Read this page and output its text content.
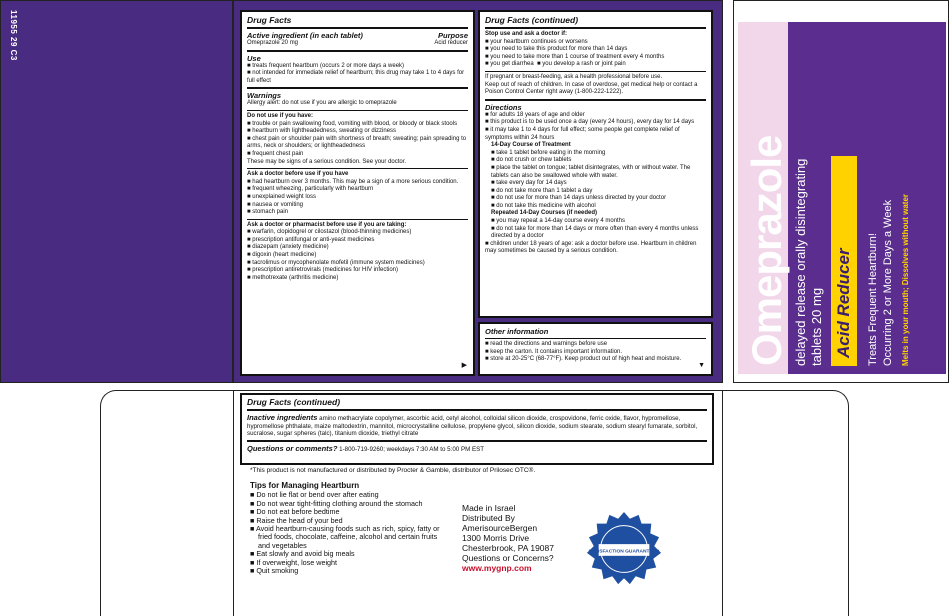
11955 29 C3	Drug Facts
Active ingredient (in each tablet)	Purpose
Omeprazole 20 mg	Acid reducer
Use
■ treats frequent heartburn (occurs 2 or more days a week)
■ not intended for immediate relief of heartburn; this drug may take 1 to 4 days for full effect
Warnings
Allergy alert: do not use if you are allergic to omeprazole
Do not use if you have:
■ trouble or pain swallowing food, vomiting with blood, or bloody or black stools
■ heartburn with lightheadedness, sweating or dizziness
■ chest pain or shoulder pain with shortness of breath; sweating; pain spreading to arms, neck or shoulders; or lightheadedness
■ frequent chest pain
These may be signs of a serious condition. See your doctor.
Ask a doctor before use if you have
■ had heartburn over 3 months. This may be a sign of a more serious condition.
■ frequent wheezing, particularly with heartburn
■ unexplained weight loss
■ nausea or vomiting
■ stomach pain
Ask a doctor or pharmacist before use if you are taking:
■ warfarin, clopidogrel or cilostazol (blood-thinning medicines)
■ prescription antifungal or anti-yeast medicines
■ diazepam (anxiety medicine)
■ digoxin (heart medicine)
■ tacrolimus or mycophenolate mofetil (immune system medicines)
■ prescription antiretrovirals (medicines for HIV infection)
■ methotrexate (arthritis medicine)
▶
Drug Facts (continued)
Stop use and ask a doctor if:
■ your heartburn continues or worsens
■ you need to take this product for more than 14 days
■ you need to take more than 1 course of treatment every 4 months
■ you get diarrhea  ■ you develop a rash or joint pain
If pregnant or breast-feeding, ask a health professional before use.
Keep out of reach of children. In case of overdose, get medical help or contact a Poison Control Center right away (1-800-222-1222).
Directions
■ for adults 18 years of age and older
■ this product is to be used once a day (every 24 hours), every day for 14 days
■ it may take 1 to 4 days for full effect; some people get complete relief of symptoms within 24 hours
14-Day Course of Treatment
■ take 1 tablet before eating in the morning
■ do not crush or chew tablets
■ place the tablet on tongue; tablet disintegrates, with or without water. The tablets can also be swallowed whole with water.
■ take every day for 14 days
■ do not take more than 1 tablet a day
■ do not use for more than 14 days unless directed by your doctor
■ do not take this medicine with alcohol
Repeated 14-Day Courses (if needed)
■ you may repeat a 14-day course every 4 months
■ do not take for more than 14 days or more often than every 4 months unless directed by a doctor
■ children under 18 years of age: ask a doctor before use. Heartburn in children may sometimes be caused by a serious condition.
Other information
■ read the directions and warnings before use
■ keep the carton. It contains important information.
■ store at 20-25°C (68-77°F). Keep product out of high heat and moisture.
▼ Omeprazole delayed release orally disintegrating tablets 20 mg Acid Reducer Treats Frequent Heartburn! Occurring 2 or More Days a Week Melts in your mouth; Dissolves without water
Drug Facts (continued)
Inactive ingredients amino methacrylate copolymer, ascorbic acid, cetyl alcohol, colloidal silicon dioxide, crospovidone, ferric oxide, flavor, hypromellose, hypromellose phthalate, maize maltodextrin, mannitol, microcrystalline cellulose, propylene glycol, silicon dioxide, sodium stearate, sodium stearyl fumarate, sorbitol, sucralose, sugar spheres (talc), titanium dioxide, triethyl citrate
Questions or comments? 1-800-719-9260; weekdays 7:30 AM to 5:00 PM EST
*This product is not manufactured or distributed by Procter & Gamble, distributor of Prilosec OTC®.
Tips for Managing Heartburn
■ Do not lie flat or bend over after eating
■ Do not wear tight-fitting clothing around the stomach
■ Do not eat before bedtime
■ Raise the head of your bed
■ Avoid heartburn-causing foods such as rich, spicy, fatty or fried foods, chocolate, caffeine, alcohol and certain fruits and vegetables
■ Eat slowly and avoid big meals
■ If overweight, lose weight
■ Quit smoking
Made in Israel
Distributed By
AmerisourceBergen
1300 Morris Drive
Chesterbrook, PA 19087
Questions or Concerns?
www.mygnp.com
SATISFACTION GUARANTEED
